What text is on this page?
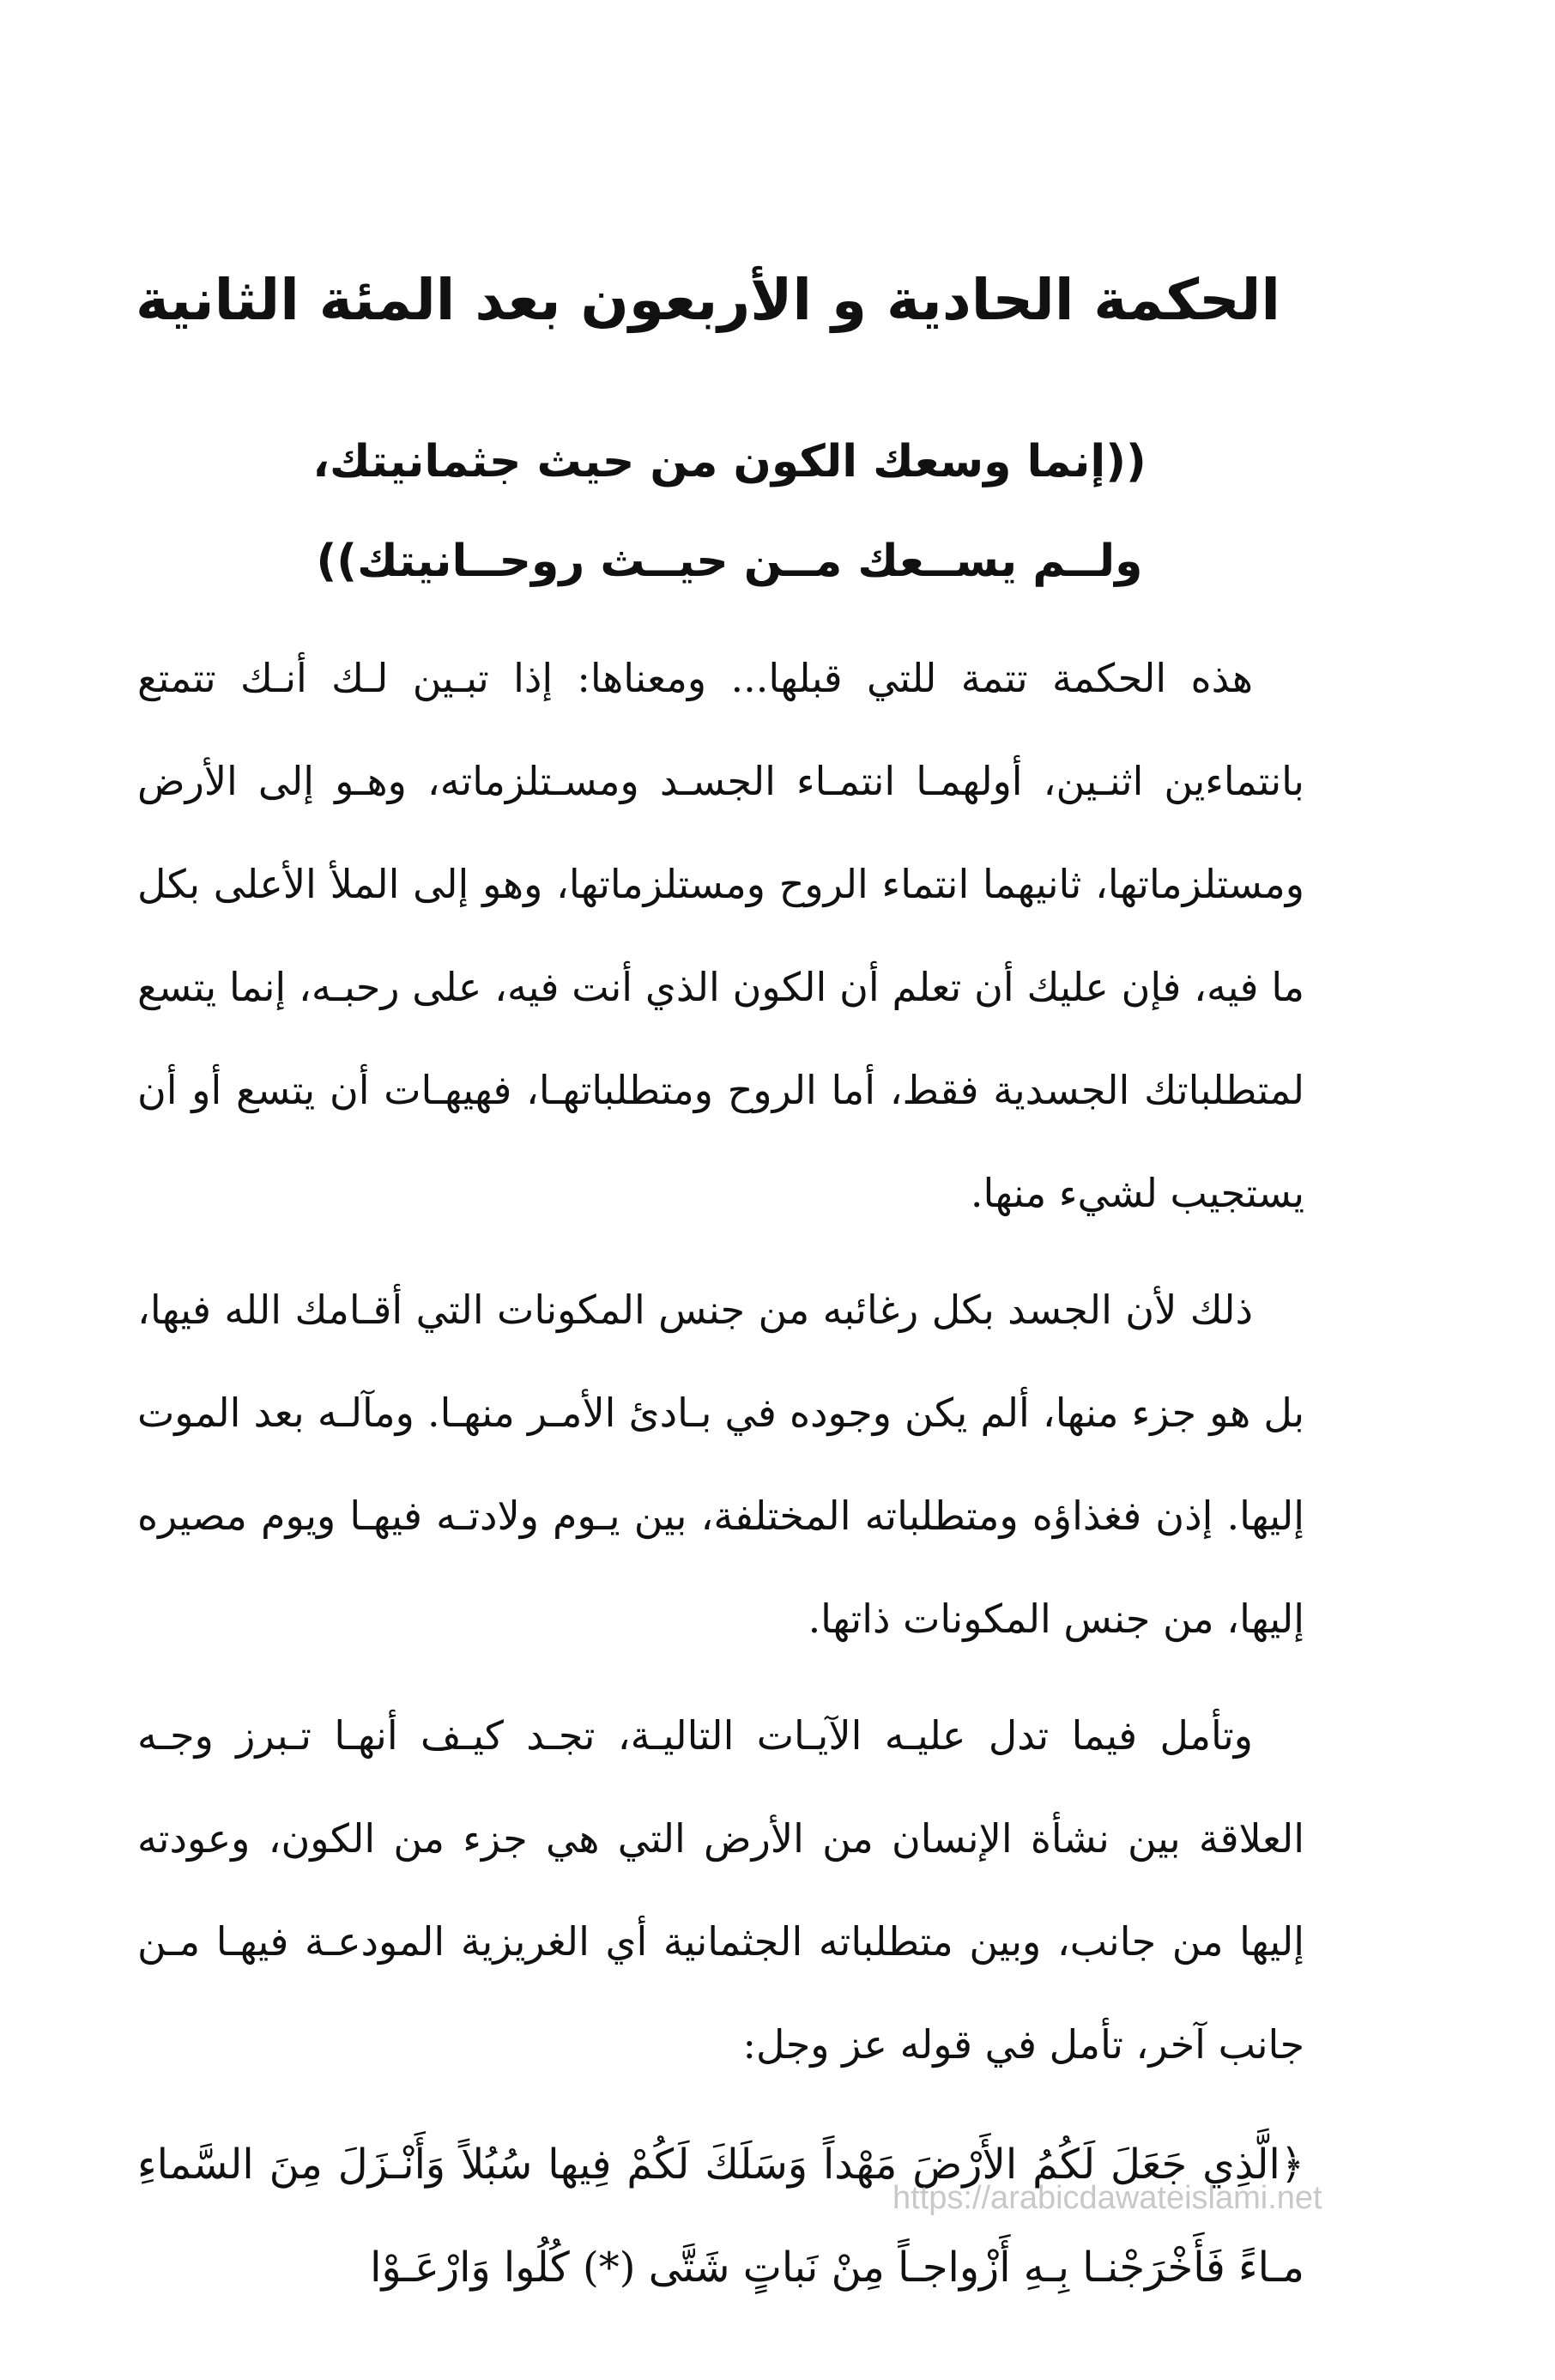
الحكمة الحادية و الأربعون بعد المئة الثانية
((إنما وسعك الكون من حيث جثمانيتك،
ولــم يســعك مــن حيــث روحــانيتك))

هذه الحكمة تتمة للتي قبلها... ومعناها: إذا تبـين لـك أنـك تتمتع بانتماءين اثنـين، أولهمـا انتمـاء الجسـد ومسـتلزماته، وهـو إلى الأرض ومستلزماتها، ثانيهما انتماء الروح ومستلزماتها، وهو إلى الملأ الأعلى بكل ما فيه، فإن عليك أن تعلم أن الكون الذي أنت فيه، على رحبـه، إنما يتسع لمتطلباتك الجسدية فقط، أما الروح ومتطلباتهـا، فهيهـات أن يتسع أو أن يستجيب لشيء منها.

ذلك لأن الجسد بكل رغائبه من جنس المكونات التي أقـامك الله فيها، بل هو جزء منها، ألم يكن وجوده في بـادئ الأمـر منهـا. ومآلـه بعد الموت إليها. إذن فغذاؤه ومتطلباته المختلفة، بين يـوم ولادتـه فيهـا ويوم مصيره إليها، من جنس المكونات ذاتها.

وتأمل فيما تدل عليـه الآيـات التاليـة، تجـد كيـف أنهـا تـبرز وجـه العلاقة بين نشأة الإنسان من الأرض التي هي جزء من الكون، وعودته إليها من جانب، وبين متطلباته الجثمانية أي الغريزية المودعـة فيهـا مـن جانب آخر، تأمل في قوله عز وجل:

﴿الَّذِي جَعَلَ لَكُمُ الأَرْضَ مَهْداً وَسَلَكَ لَكُمْ فِيها سُبُلاً وَأَنْـزَلَ مِنَ السَّماءِ مـاءً فَأَخْرَجْنـا بِـهِ أَزْواجـاً مِنْ نَباتٍ شَتَّى (*) كُلُوا وَارْعَـوْا

https://arabicdawateislami.net
